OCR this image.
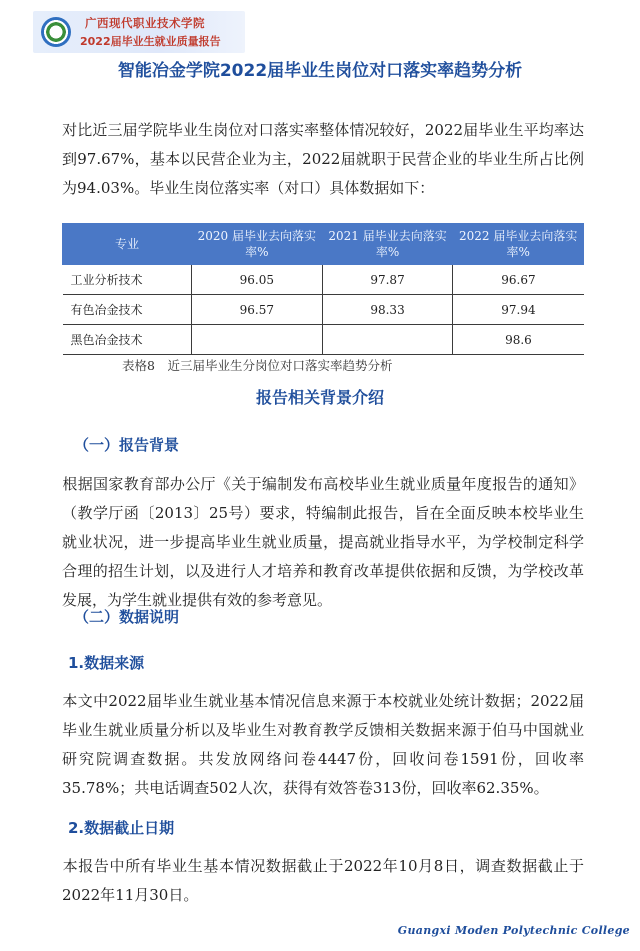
广西现代职业技术学院
2022届毕业生就业质量报告
智能冶金学院2022届毕业生岗位对口落实率趋势分析

对比近三届学院毕业生岗位对口落实率整体情况较好，2022届毕业生平均率达到97.67%，基本以民营企业为主，2022届就职于民营企业的毕业生所占比例为94.03%。毕业生岗位落实率（对口）具体数据如下：

专业	2020 届毕业去向落实率%	2021 届毕业去向落实率%	2022 届毕业去向落实率%
工业分析技术	96.05	97.87	96.67
有色冶金技术	96.57	98.33	97.94
黑色冶金技术			98.6
表格8　近三届毕业生分岗位对口落实率趋势分析
报告相关背景介绍
（一）报告背景

根据国家教育部办公厅《关于编制发布高校毕业生就业质量年度报告的通知》（教学厅函〔2013〕25号）要求，特编制此报告，旨在全面反映本校毕业生就业状况，进一步提高毕业生就业质量，提高就业指导水平，为学校制定科学合理的招生计划，以及进行人才培养和教育改革提供依据和反馈，为学校改革发展，为学生就业提供有效的参考意见。

（二）数据说明
1.数据来源

本文中2022届毕业生就业基本情况信息来源于本校就业处统计数据；2022届毕业生就业质量分析以及毕业生对教育教学反馈相关数据来源于伯马中国就业研究院调查数据。共发放网络问卷4447份，回收问卷1591份，回收率35.78%；共电话调查502人次，获得有效答卷313份，回收率62.35%。

2.数据截止日期

本报告中所有毕业生基本情况数据截止于2022年10月8日，调查数据截止于2022年11月30日。

Guangxi Moden Polytechnic College
